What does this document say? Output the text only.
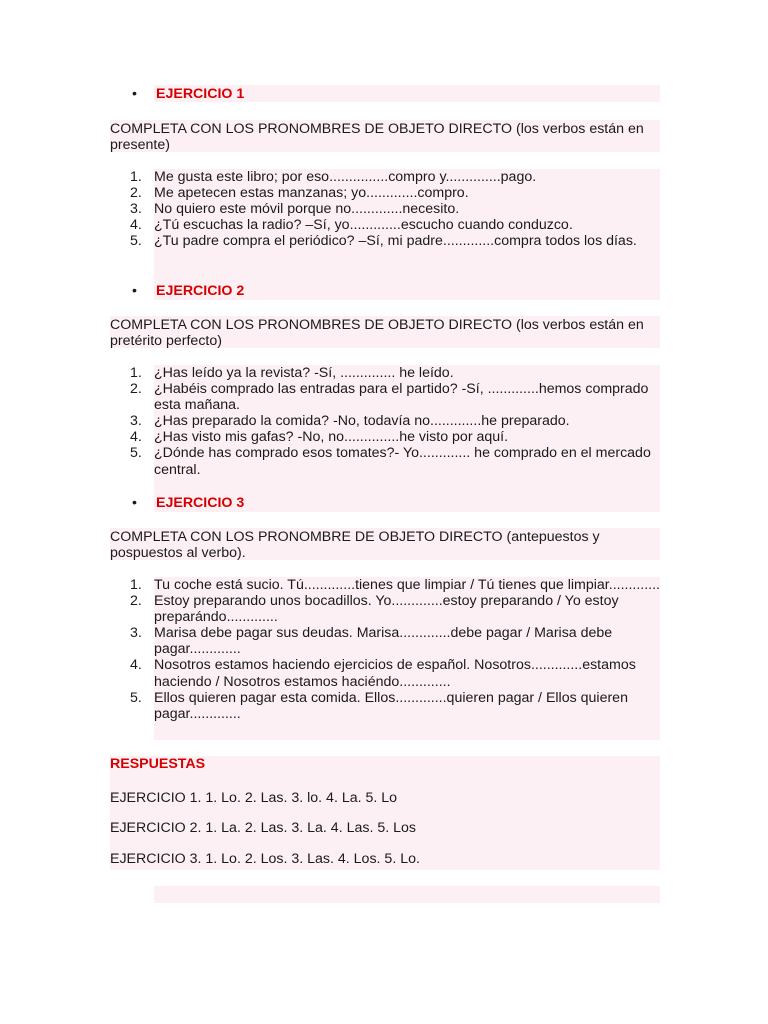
• EJERCICIO 1
COMPLETA CON LOS PRONOMBRES DE OBJETO DIRECTO (los verbos están en presente)
1. Me gusta este libro; por eso...............compro y..............pago.
2. Me apetecen estas manzanas; yo.............compro.
3. No quiero este móvil porque no.............necesito.
4. ¿Tú escuchas la radio? –Sí, yo.............escucho cuando conduzco.
5. ¿Tu padre compra el periódico? –Sí, mi padre.............compra todos los días.
• EJERCICIO 2
COMPLETA CON LOS PRONOMBRES DE OBJETO DIRECTO (los verbos están en pretérito perfecto)
1. ¿Has leído ya la revista? -Sí, .............. he leído.
2. ¿Habéis comprado las entradas para el partido? -Sí, .............hemos comprado esta mañana.
3. ¿Has preparado la comida? -No, todavía no.............he preparado.
4. ¿Has visto mis gafas? -No, no..............he visto por aquí.
5. ¿Dónde has comprado esos tomates?- Yo............. he comprado en el mercado central.
• EJERCICIO 3
COMPLETA CON LOS PRONOMBRE DE OBJETO DIRECTO (antepuestos y pospuestos al verbo).
1. Tu coche está sucio. Tú.............tienes que limpiar / Tú tienes que limpiar.............
2. Estoy preparando unos bocadillos. Yo.............estoy preparando / Yo estoy preparándo.............
3. Marisa debe pagar sus deudas. Marisa.............debe pagar / Marisa debe pagar.............
4. Nosotros estamos haciendo ejercicios de español. Nosotros.............estamos haciendo / Nosotros estamos haciéndo.............
5. Ellos quieren pagar esta comida. Ellos.............quieren pagar / Ellos quieren pagar.............
RESPUESTAS
EJERCICIO 1. 1. Lo. 2. Las. 3. lo. 4. La. 5. Lo
EJERCICIO 2. 1. La. 2. Las. 3. La. 4. Las. 5. Los
EJERCICIO 3. 1. Lo. 2. Los. 3. Las. 4. Los. 5. Lo.
